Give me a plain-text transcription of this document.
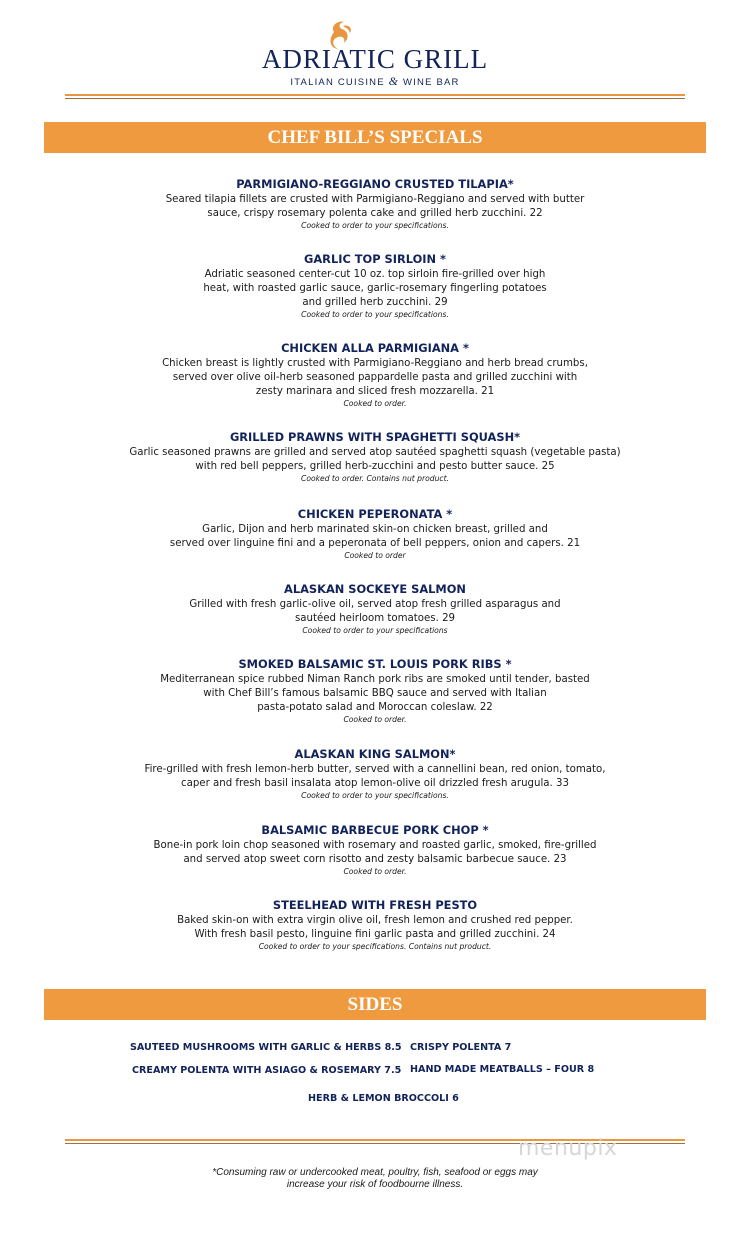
ADRIATIC GRILL
ITALIAN CUISINE & WINE BAR
CHEF BILL’S SPECIALS
PARMIGIANO-REGGIANO CRUSTED TILAPIA*
Seared tilapia fillets are crusted with Parmigiano-Reggiano and served with butter
sauce, crispy rosemary polenta cake and grilled herb zucchini. 22
Cooked to order to your specifications.
GARLIC TOP SIRLOIN *
Adriatic seasoned center-cut 10 oz. top sirloin fire-grilled over high
heat, with roasted garlic sauce, garlic-rosemary fingerling potatoes
and grilled herb zucchini. 29
Cooked to order to your specifications.
CHICKEN ALLA PARMIGIANA *
Chicken breast is lightly crusted with Parmigiano-Reggiano and herb bread crumbs,
served over olive oil-herb seasoned pappardelle pasta and grilled zucchini with
zesty marinara and sliced fresh mozzarella. 21
Cooked to order.
GRILLED PRAWNS WITH SPAGHETTI SQUASH*
Garlic seasoned prawns are grilled and served atop sautéed spaghetti squash (vegetable pasta)
with red bell peppers, grilled herb-zucchini and pesto butter sauce. 25
Cooked to order. Contains nut product.
CHICKEN PEPERONATA *
Garlic, Dijon and herb marinated skin-on chicken breast, grilled and
served over linguine fini and a peperonata of bell peppers, onion and capers. 21
Cooked to order
ALASKAN SOCKEYE SALMON
Grilled with fresh garlic-olive oil, served atop fresh grilled asparagus and
sautéed heirloom tomatoes. 29
Cooked to order to your specifications
SMOKED BALSAMIC ST. LOUIS PORK RIBS *
Mediterranean spice rubbed Niman Ranch pork ribs are smoked until tender, basted
with Chef Bill’s famous balsamic BBQ sauce and served with Italian
pasta-potato salad and Moroccan coleslaw. 22
Cooked to order.
ALASKAN KING SALMON*
Fire-grilled with fresh lemon-herb butter, served with a cannellini bean, red onion, tomato,
caper and fresh basil insalata atop lemon-olive oil drizzled fresh arugula. 33
Cooked to order to your specifications.
BALSAMIC BARBECUE PORK CHOP *
Bone-in pork loin chop seasoned with rosemary and roasted garlic, smoked, fire-grilled
and served atop sweet corn risotto and zesty balsamic barbecue sauce. 23
Cooked to order.
STEELHEAD WITH FRESH PESTO
Baked skin-on with extra virgin olive oil, fresh lemon and crushed red pepper.
With fresh basil pesto, linguine fini garlic pasta and grilled zucchini. 24
Cooked to order to your specifications. Contains nut product.
SIDES
SAUTEED MUSHROOMS WITH GARLIC & HERBS 8.5 CRISPY POLENTA 7
CREAMY POLENTA WITH ASIAGO & ROSEMARY 7.5 HAND MADE MEATBALLS – FOUR 8
HERB & LEMON BROCCOLI 6
menupix
*Consuming raw or undercooked meat, poultry, fish, seafood or eggs may
increase your risk of foodbourne illness.
